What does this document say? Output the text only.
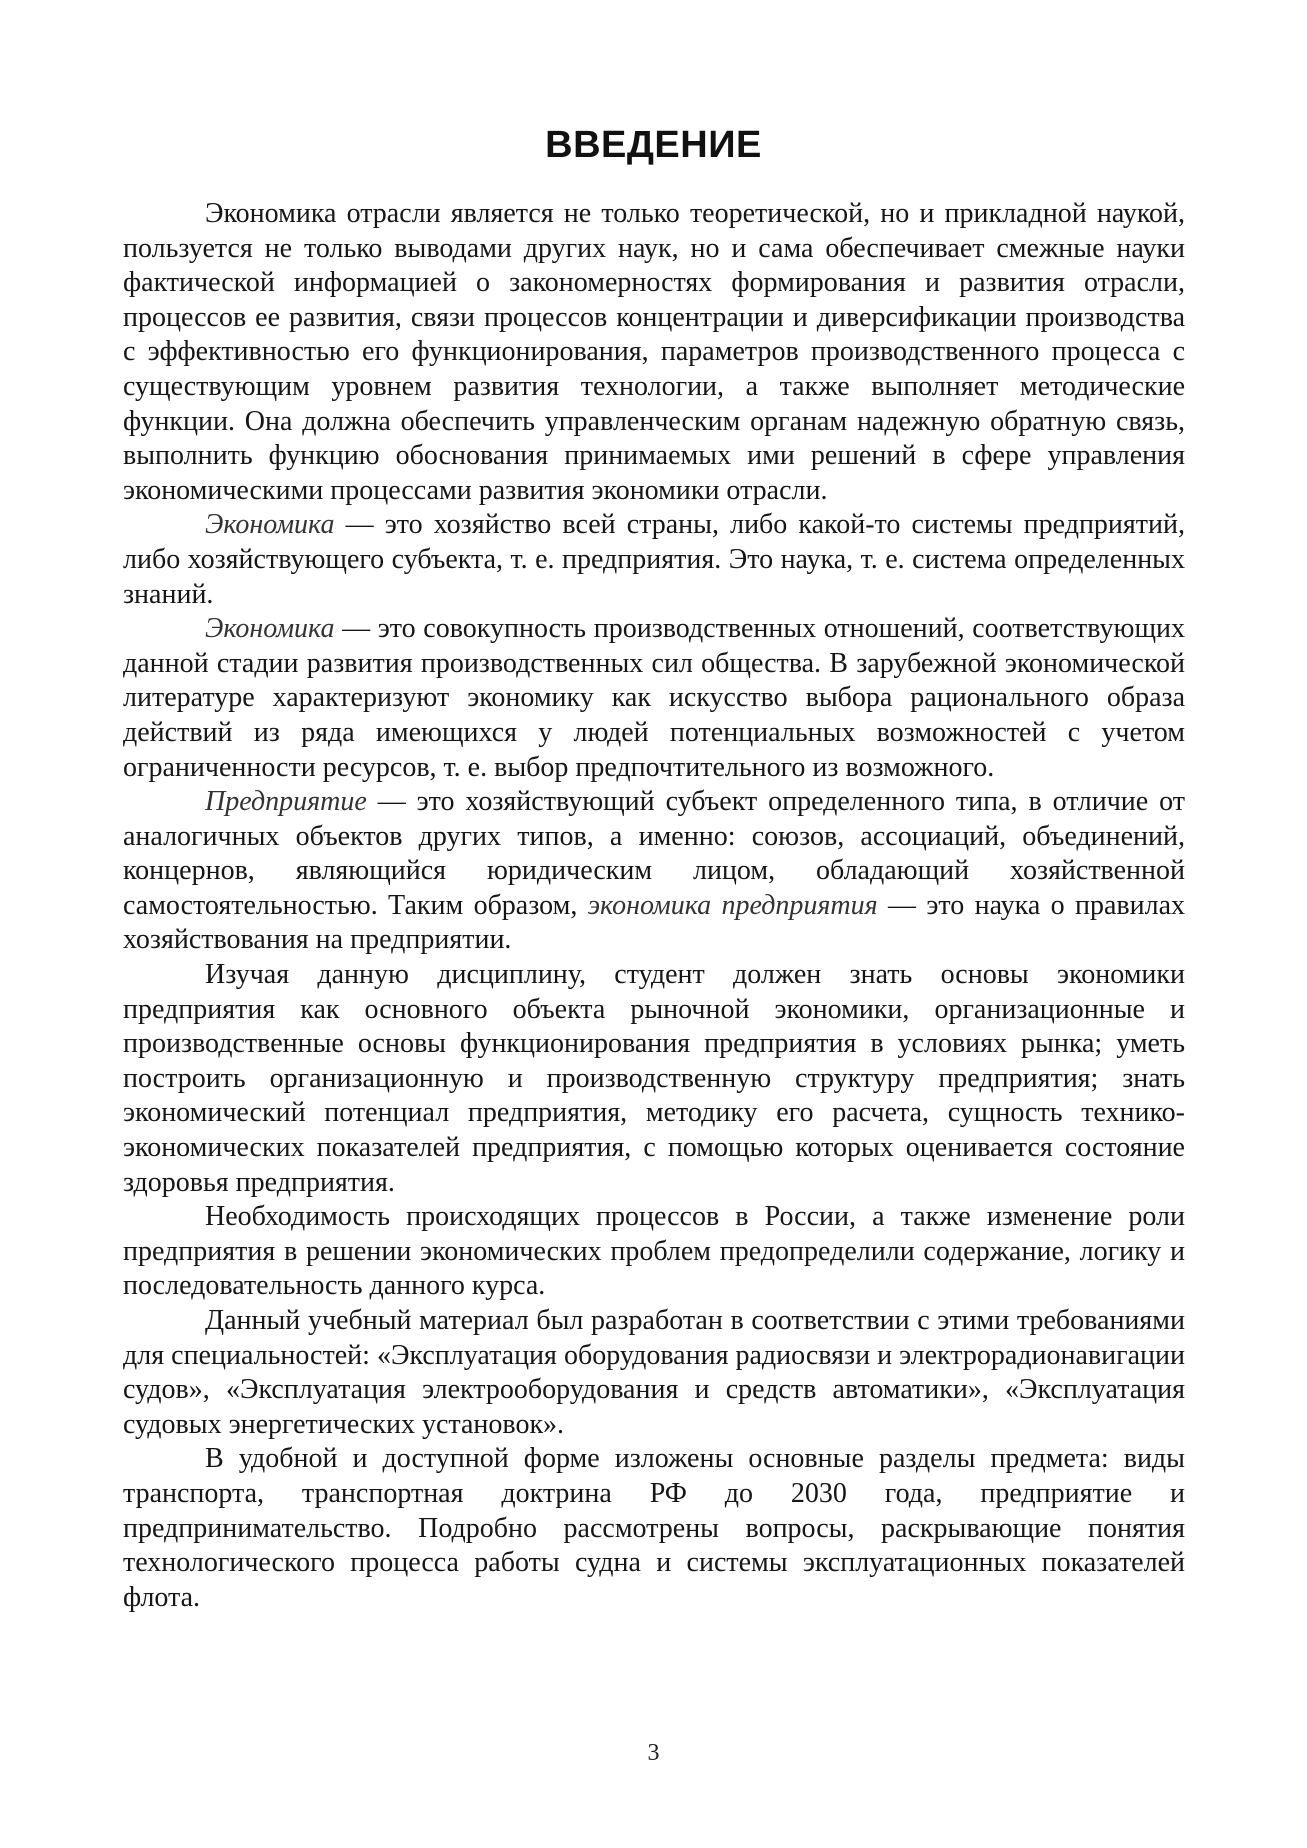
ВВЕДЕНИЕ

Экономика отрасли является не только теоретической, но и прикладной наукой, пользуется не только выводами других наук, но и сама обеспечивает смежные науки фактической информацией о закономерностях формирования и развития отрасли, процессов ее развития, связи процессов концентрации и диверсификации производства с эффективностью его функционирования, параметров производственного процесса с существующим уровнем развития технологии, а также выполняет методические функции. Она должна обеспечить управленческим органам надежную обратную связь, выполнить функцию обоснования принимаемых ими решений в сфере управления экономическими процессами развития экономики отрасли.

Экономика — это хозяйство всей страны, либо какой-то системы предприятий, либо хозяйствующего субъекта, т. е. предприятия. Это наука, т. е. система определенных знаний.

Экономика — это совокупность производственных отношений, соответствующих данной стадии развития производственных сил общества. В зарубежной экономической литературе характеризуют экономику как искусство выбора рационального образа действий из ряда имеющихся у людей потенциальных возможностей с учетом ограниченности ресурсов, т. е. выбор предпочтительного из возможного.

Предприятие — это хозяйствующий субъект определенного типа, в отличие от аналогичных объектов других типов, а именно: союзов, ассоциаций, объединений, концернов, являющийся юридическим лицом, обладающий хозяйственной самостоятельностью. Таким образом, экономика предприятия — это наука о правилах хозяйствования на предприятии.

Изучая данную дисциплину, студент должен знать основы экономики предприятия как основного объекта рыночной экономики, организационные и производственные основы функционирования предприятия в условиях рынка; уметь построить организационную и производственную структуру предприятия; знать экономический потенциал предприятия, методику его расчета, сущность технико-экономических показателей предприятия, с помощью которых оценивается состояние здоровья предприятия.

Необходимость происходящих процессов в России, а также изменение роли предприятия в решении экономических проблем предопределили содержание, логику и последовательность данного курса.

Данный учебный материал был разработан в соответствии с этими требованиями для специальностей: «Эксплуатация оборудования радиосвязи и электрорадионавигации судов», «Эксплуатация электрооборудования и средств автоматики», «Эксплуатация судовых энергетических установок».

В удобной и доступной форме изложены основные разделы предмета: виды транспорта, транспортная доктрина РФ до 2030 года, предприятие и предпринимательство. Подробно рассмотрены вопросы, раскрывающие понятия технологического процесса работы судна и системы эксплуатационных показателей флота.

3
